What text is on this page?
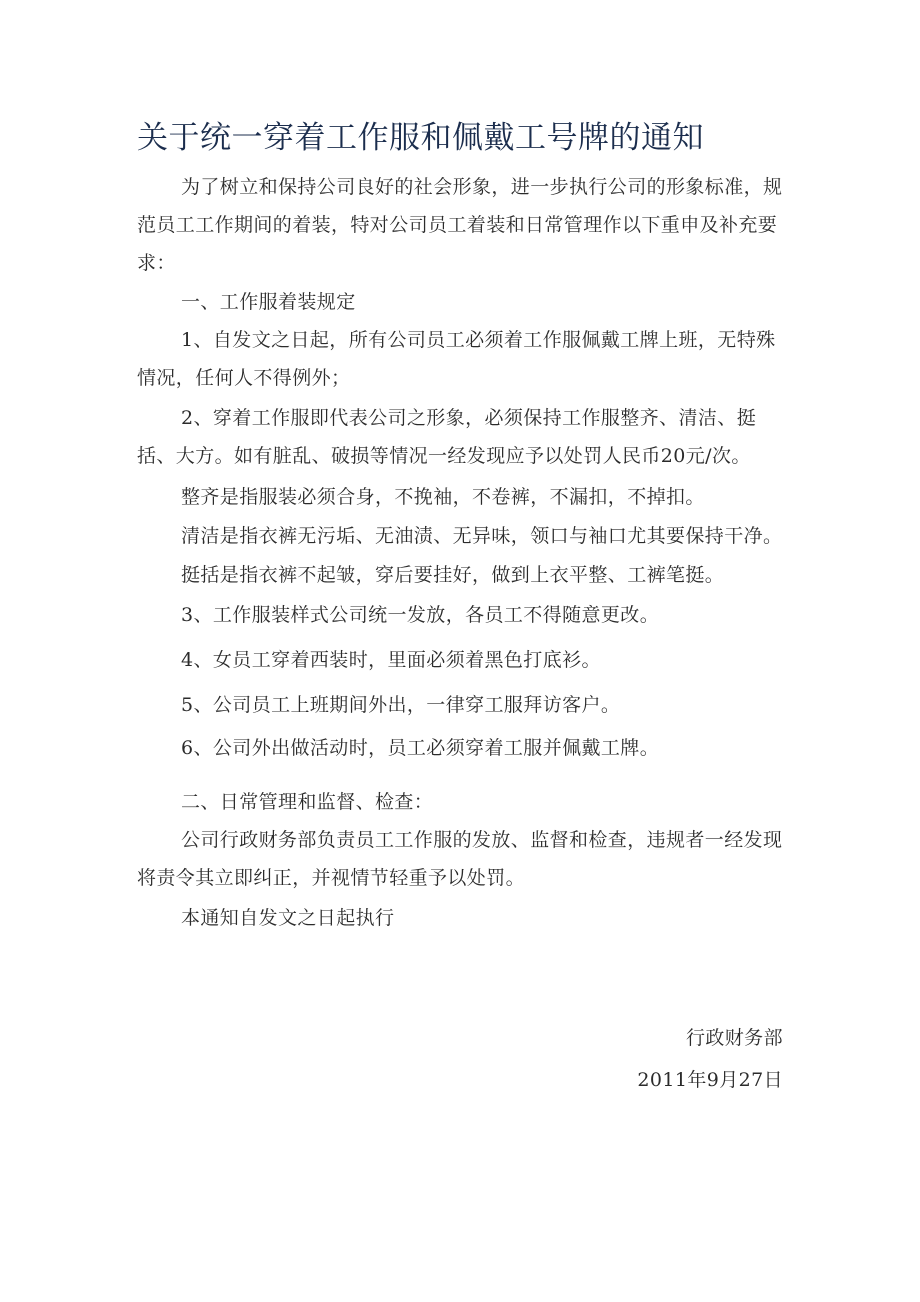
关于统一穿着工作服和佩戴工号牌的通知

为了树立和保持公司良好的社会形象，进一步执行公司的形象标准，规范员工工作期间的着装，特对公司员工着装和日常管理作以下重申及补充要求：

一、工作服着装规定

1、自发文之日起，所有公司员工必须着工作服佩戴工牌上班，无特殊情况，任何人不得例外；

2、穿着工作服即代表公司之形象，必须保持工作服整齐、清洁、挺括、大方。如有脏乱、破损等情况一经发现应予以处罚人民币20元/次。

整齐是指服装必须合身，不挽袖，不卷裤，不漏扣，不掉扣。

清洁是指衣裤无污垢、无油渍、无异味，领口与袖口尤其要保持干净。

挺括是指衣裤不起皱，穿后要挂好，做到上衣平整、工裤笔挺。

3、工作服装样式公司统一发放，各员工不得随意更改。

4、女员工穿着西装时，里面必须着黑色打底衫。

5、公司员工上班期间外出，一律穿工服拜访客户。

6、公司外出做活动时，员工必须穿着工服并佩戴工牌。

二、日常管理和监督、检查：

公司行政财务部负责员工工作服的发放、监督和检查，违规者一经发现将责令其立即纠正，并视情节轻重予以处罚。

本通知自发文之日起执行

行政财务部

2011年9月27日
